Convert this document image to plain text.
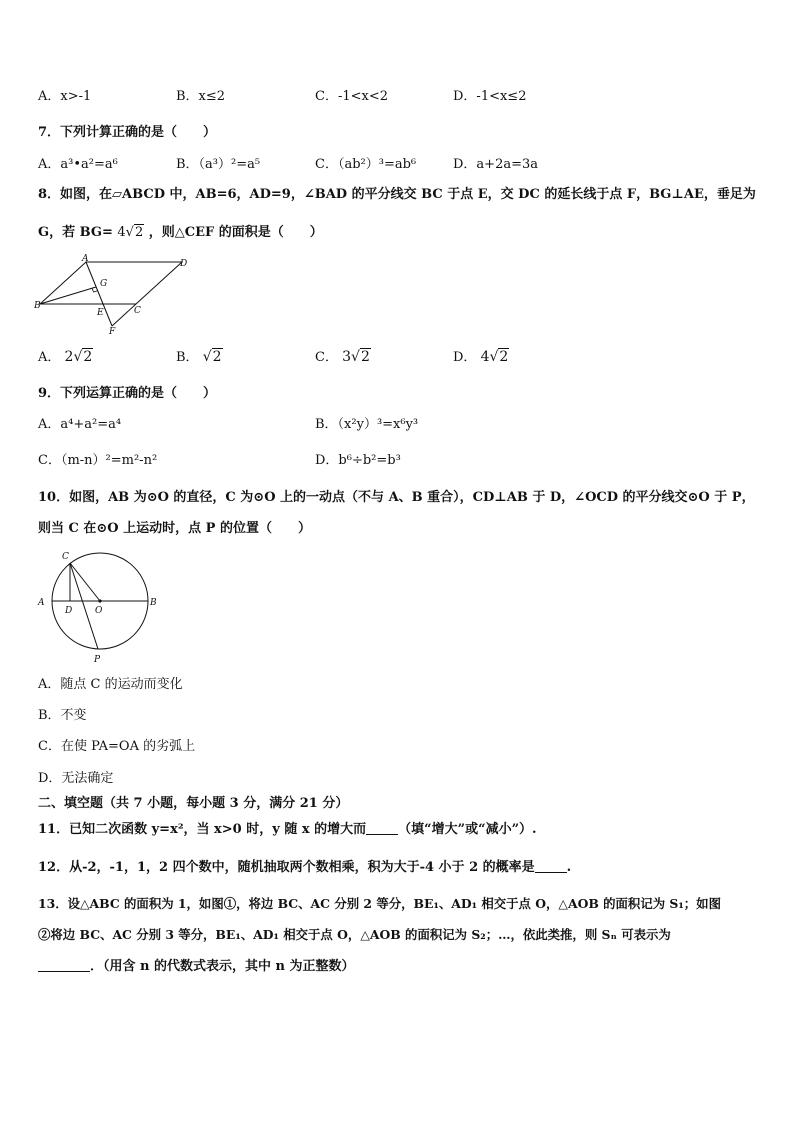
A．x>-1	B．x≤2	C．-1<x<2	D．-1<x≤2
7．下列计算正确的是（　　）
A．a³•a²=a⁶	B．（a³）²=a⁵	C．（ab²）³=ab⁶	D．a+2a=3a
8．如图，在▱ABCD 中，AB=6，AD=9，∠BAD 的平分线交 BC 于点 E，交 DC 的延长线于点 F，BG⊥AE，垂足为
G，若 BG= 4√2 ，则△CEF 的面积是（　　）
A	D
G
B
E	C
F
A． 2√2	B． √2	C． 3√2	D． 4√2
9．下列运算正确的是（　　）
A．a⁴+a²=a⁴	B．（x²y）³=x⁶y³
C．（m-n）²=m²-n²	D．b⁶÷b²=b³
10．如图，AB 为⊙O 的直径，C 为⊙O 上的一动点（不与 A、B 重合），CD⊥AB 于 D，∠OCD 的平分线交⊙O 于 P，
则当 C 在⊙O 上运动时，点 P 的位置（　　）
C
A
D	O
B
P
A．随点 C 的运动而变化
B．不变
C．在使 PA=OA 的劣弧上
D．无法确定
二、填空题（共 7 小题，每小题 3 分，满分 21 分）
11．已知二次函数 y=x²，当 x>0 时，y 随 x 的增大而 （填“增大”或“减小”）.
12．从-2，-1，1，2 四个数中，随机抽取两个数相乘，积为大于-4 小于 2 的概率是 .
13．设△ABC 的面积为 1，如图①，将边 BC、AC 分别 2 等分，BE₁、AD₁ 相交于点 O，△AOB 的面积记为 S₁；如图
②将边 BC、AC 分别 3 等分，BE₁、AD₁ 相交于点 O，△AOB 的面积记为 S₂；…，依此类推，则 Sₙ 可表示为
．（用含 n 的代数式表示，其中 n 为正整数）
